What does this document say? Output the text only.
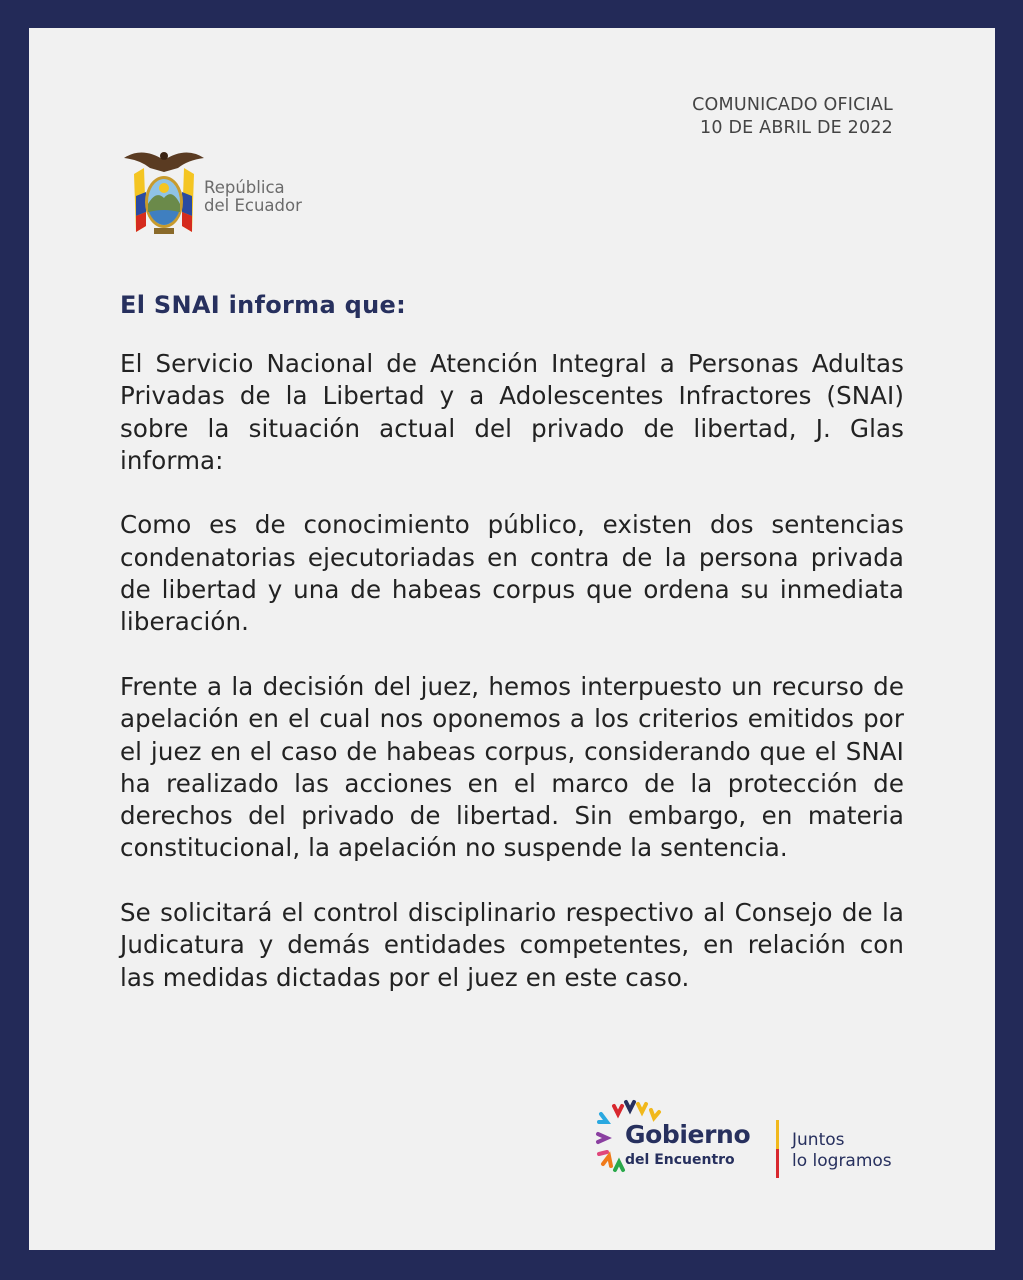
COMUNICADO OFICIAL
10 DE ABRIL DE 2022
República
del Ecuador
El SNAI informa que:

El Servicio Nacional de Atención Integral a Personas Adultas Privadas de la Libertad y a Adolescentes Infractores (SNAI) sobre la situación actual del privado de libertad, J. Glas informa:

Como es de conocimiento público, existen dos sentencias condenatorias ejecutoriadas en contra de la persona privada de libertad y una de habeas corpus que ordena su inmediata liberación.

Frente a la decisión del juez, hemos interpuesto un recurso de apelación en el cual nos oponemos a los criterios emitidos por el juez en el caso de habeas corpus, considerando que el SNAI ha realizado las acciones en el marco de la protección de derechos del privado de libertad. Sin embargo, en materia constitucional, la apelación no suspende la sentencia.

Se solicitará el control disciplinario respectivo al Consejo de la Judicatura y demás entidades competentes, en relación con las medidas dictadas por el juez en este caso.

Gobierno
del Encuentro
Juntos
lo logramos
